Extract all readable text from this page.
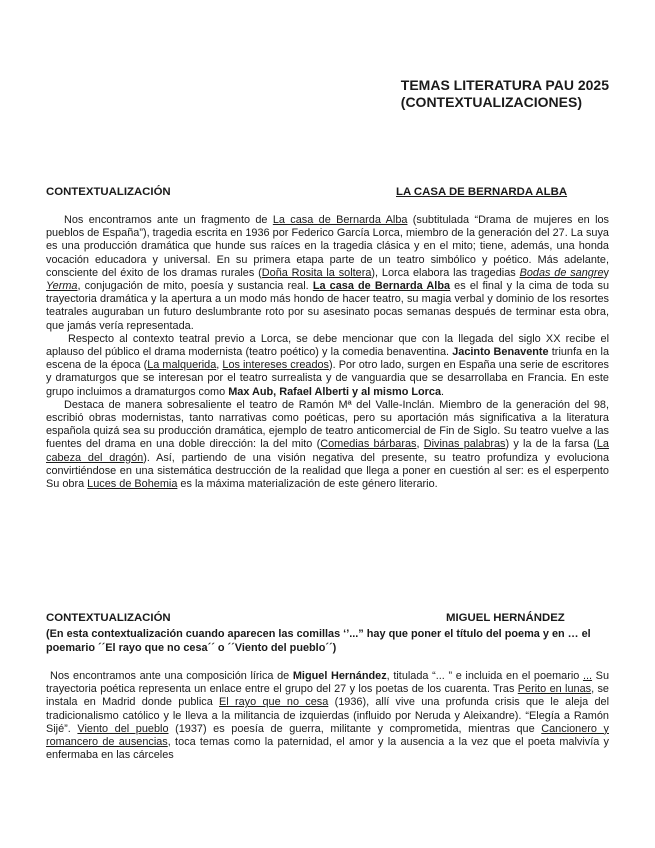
TEMAS LITERATURA PAU 2025
(CONTEXTUALIZACIONES)
CONTEXTUALIZACIÓN	LA CASA DE BERNARDA ALBA

Nos encontramos ante un fragmento de La casa de Bernarda Alba (subtitulada “Drama de mujeres en los pueblos de España”), tragedia escrita en 1936 por Federico García Lorca, miembro de la generación del 27. La suya es una producción dramática que hunde sus raíces en la tragedia clásica y en el mito; tiene, además, una honda vocación educadora y universal. En su primera etapa parte de un teatro simbólico y poético. Más adelante, consciente del éxito de los dramas rurales (Doña Rosita la soltera), Lorca elabora las tragedias Bodas de sangrey Yerma, conjugación de mito, poesía y sustancia real. La casa de Bernarda Alba es el final y la cima de toda su trayectoria dramática y la apertura a un modo más hondo de hacer teatro, su magia verbal y dominio de los resortes teatrales auguraban un futuro deslumbrante roto por su asesinato pocas semanas después de terminar esta obra, que jamás vería representada.

Respecto al contexto teatral previo a Lorca, se debe mencionar que con la llegada del siglo XX recibe el aplauso del público el drama modernista (teatro poético) y la comedia benaventina. Jacinto Benavente triunfa en la escena de la época (La malquerida, Los intereses creados). Por otro lado, surgen en España una serie de escritores y dramaturgos que se interesan por el teatro surrealista y de vanguardia que se desarrollaba en Francia. En este grupo incluimos a dramaturgos como Max Aub, Rafael Alberti y al mismo Lorca.

Destaca de manera sobresaliente el teatro de Ramón Mª del Valle-Inclán. Miembro de la generación del 98, escribió obras modernistas, tanto narrativas como poéticas, pero su aportación más significativa a la literatura española quizá sea su producción dramática, ejemplo de teatro anticomercial de Fin de Siglo. Su teatro vuelve a las fuentes del drama en una doble dirección: la del mito (Comedias bárbaras, Divinas palabras) y la de la farsa (La cabeza del dragón). Así, partiendo de una visión negativa del presente, su teatro profundiza y evoluciona convirtiéndose en una sistemática destrucción de la realidad que llega a poner en cuestión al ser: es el esperpento Su obra Luces de Bohemia es la máxima materialización de este género literario.

CONTEXTUALIZACIÓN	MIGUEL HERNÁNDEZ
(En esta contextualización cuando aparecen las comillas ‘’...” hay que poner el título del poema y en … el poemario ´´El rayo que no cesa´´ o ´´Viento del pueblo´´)

Nos encontramos ante una composición lírica de Miguel Hernández, titulada “... ” e incluida en el poemario ... Su trayectoria poética representa un enlace entre el grupo del 27 y los poetas de los cuarenta. Tras Perito en lunas, se instala en Madrid donde publica El rayo que no cesa (1936), allí vive una profunda crisis que le aleja del tradicionalismo católico y le lleva a la militancia de izquierdas (influido por Neruda y Aleixandre). “Elegía a Ramón Sijé”. Viento del pueblo (1937) es poesía de guerra, militante y comprometida, mientras que Cancionero y romancero de ausencias, toca temas como la paternidad, el amor y la ausencia a la vez que el poeta malvivía y enfermaba en las cárceles
